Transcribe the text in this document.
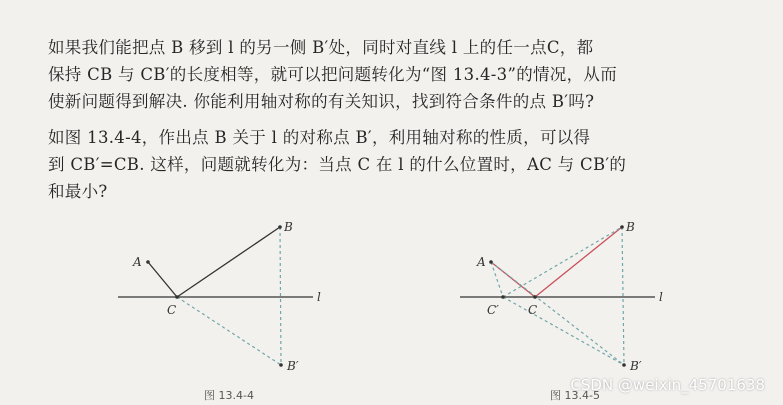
如果我们能把点 B 移到 l 的另一侧 B′处，同时对直线 l 上的任一点C，都
保持 CB 与 CB′的长度相等，就可以把问题转化为“图 13.4-3”的情况，从而
使新问题得到解决. 你能利用轴对称的有关知识，找到符合条件的点 B′吗?
如图 13.4-4，作出点 B 关于 l 的对称点 B′，利用轴对称的性质，可以得
到 CB′=CB. 这样，问题就转化为：当点 C 在 l 的什么位置时，AC 与 CB′的
和最小?
A
B
C
B′
l
图 13.4-4
A
B
C
C′
B′
l
图 13.4-5
CSDN @weixin_45701638
